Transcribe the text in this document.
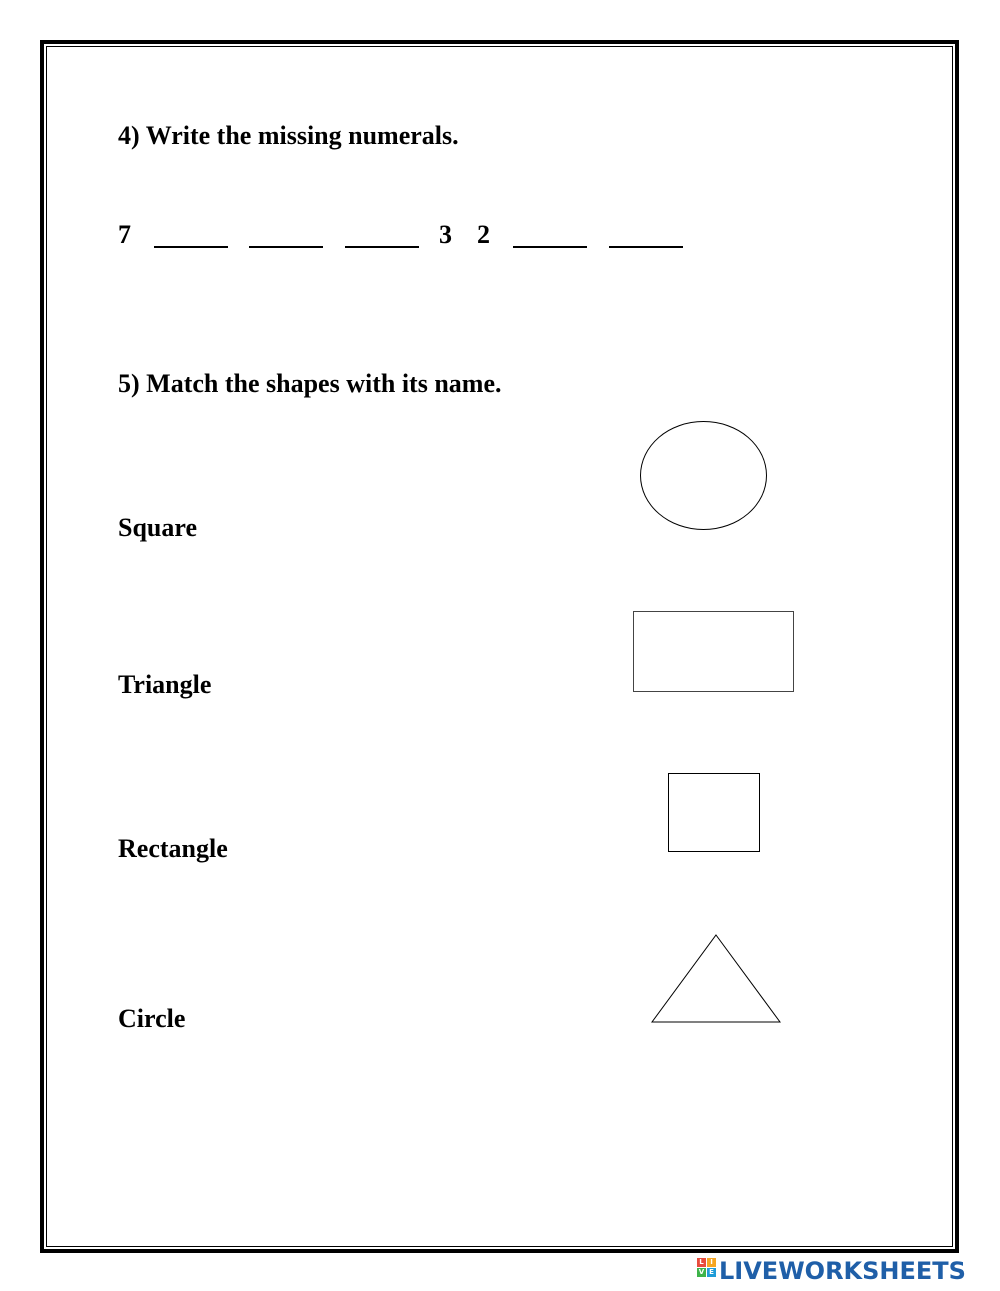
4) Write the missing numerals.
7	3 2
5) Match the shapes with its name.
Square
Triangle
Rectangle
Circle
L I
V E LIVEWORKSHEETS
